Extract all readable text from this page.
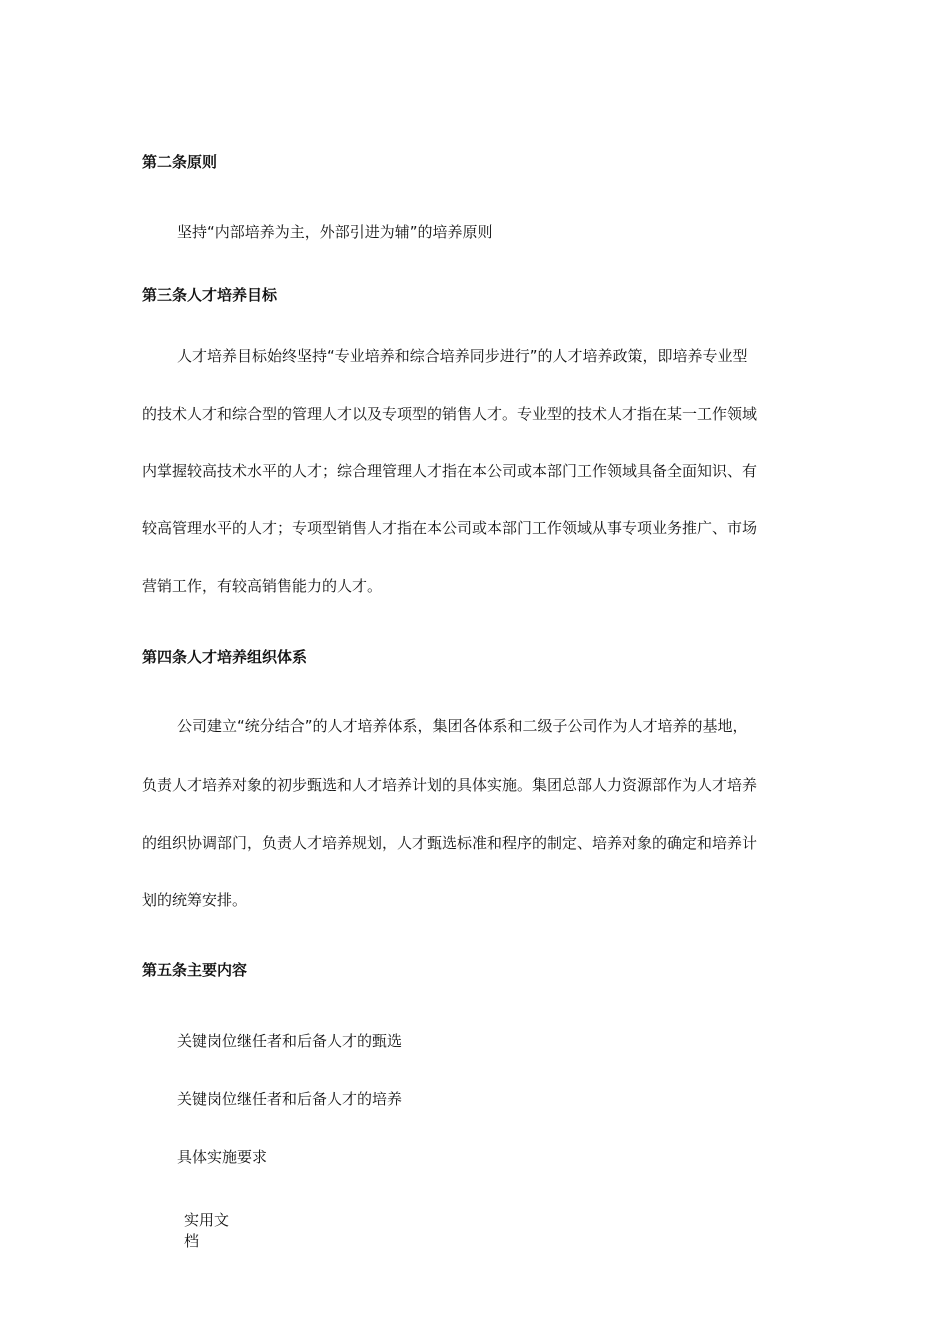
第二条原则

坚持“内部培养为主，外部引进为辅”的培养原则

第三条人才培养目标

人才培养目标始终坚持“专业培养和综合培养同步进行”的人才培养政策，即培养专业型

的技术人才和综合型的管理人才以及专项型的销售人才。专业型的技术人才指在某一工作领域

内掌握较高技术水平的人才；综合理管理人才指在本公司或本部门工作领域具备全面知识、有

较高管理水平的人才；专项型销售人才指在本公司或本部门工作领域从事专项业务推广、市场

营销工作，有较高销售能力的人才。

第四条人才培养组织体系

公司建立“统分结合”的人才培养体系，集团各体系和二级子公司作为人才培养的基地，

负责人才培养对象的初步甄选和人才培养计划的具体实施。集团总部人力资源部作为人才培养

的组织协调部门，负责人才培养规划，人才甄选标准和程序的制定、培养对象的确定和培养计

划的统筹安排。

第五条主要内容

关键岗位继任者和后备人才的甄选

关键岗位继任者和后备人才的培养

具体实施要求

实用文
档
